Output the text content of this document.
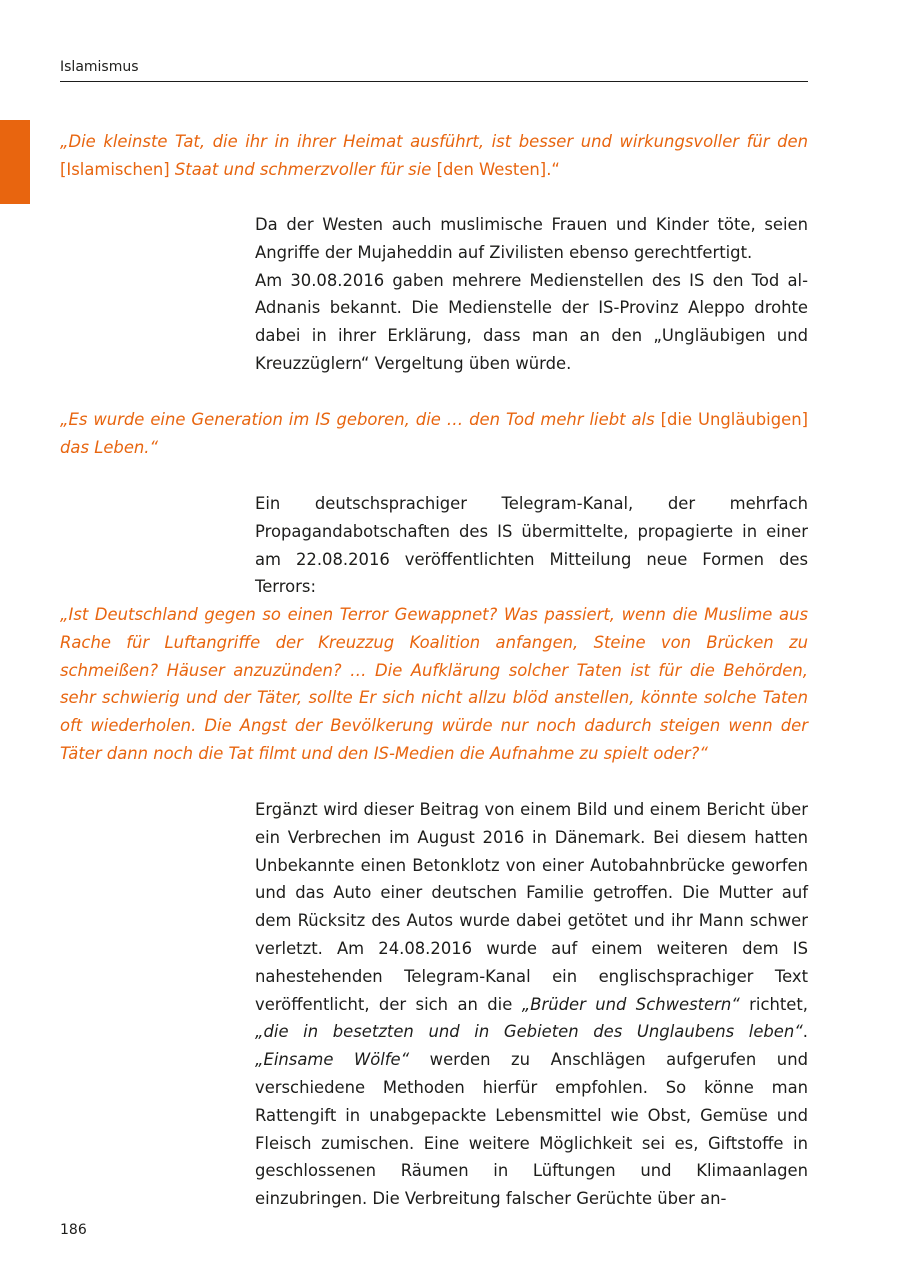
Islamismus

„Die kleinste Tat, die ihr in ihrer Heimat ausführt, ist besser und wirkungsvoller für den [Islamischen] Staat und schmerzvoller für sie [den Westen].“

Da der Westen auch muslimische Frauen und Kinder töte, seien Angriffe der Mujaheddin auf Zivilisten ebenso gerechtfertigt.

Am 30.08.2016 gaben mehrere Medienstellen des IS den Tod al-Adnanis bekannt. Die Medienstelle der IS-Provinz Aleppo drohte dabei in ihrer Erklärung, dass man an den „Ungläubigen und Kreuzzüglern“ Vergeltung üben würde.

„Es wurde eine Generation im IS geboren, die … den Tod mehr liebt als [die Ungläubigen] das Leben.“

Ein deutschsprachiger Telegram-Kanal, der mehrfach Propagandabotschaften des IS übermittelte, propagierte in einer am 22.08.2016 veröffentlichten Mitteilung neue Formen des Terrors:

„Ist Deutschland gegen so einen Terror Gewappnet? Was passiert, wenn die Muslime aus Rache für Luftangriffe der Kreuzzug Koalition anfangen, Steine von Brücken zu schmeißen? Häuser anzuzünden? … Die Aufklärung solcher Taten ist für die Behörden, sehr schwierig und der Täter, sollte Er sich nicht allzu blöd anstellen, könnte solche Taten oft wiederholen. Die Angst der Bevölkerung würde nur noch dadurch steigen wenn der Täter dann noch die Tat filmt und den IS-Medien die Aufnahme zu spielt oder?“

Ergänzt wird dieser Beitrag von einem Bild und einem Bericht über ein Verbrechen im August 2016 in Dänemark. Bei diesem hatten Unbekannte einen Betonklotz von einer Autobahnbrücke geworfen und das Auto einer deutschen Familie getroffen. Die Mutter auf dem Rücksitz des Autos wurde dabei getötet und ihr Mann schwer verletzt. Am 24.08.2016 wurde auf einem weiteren dem IS nahestehenden Telegram-Kanal ein englischsprachiger Text veröffentlicht, der sich an die „Brüder und Schwestern“ richtet, „die in besetzten und in Gebieten des Unglaubens leben“. „Einsame Wölfe“ werden zu Anschlägen aufgerufen und verschiedene Methoden hierfür empfohlen. So könne man Rattengift in unabgepackte Lebensmittel wie Obst, Gemüse und Fleisch zumischen. Eine weitere Möglichkeit sei es, Giftstoffe in geschlossenen Räumen in Lüftungen und Klimaanlagen einzubringen. Die Verbreitung falscher Gerüchte über an-

186
